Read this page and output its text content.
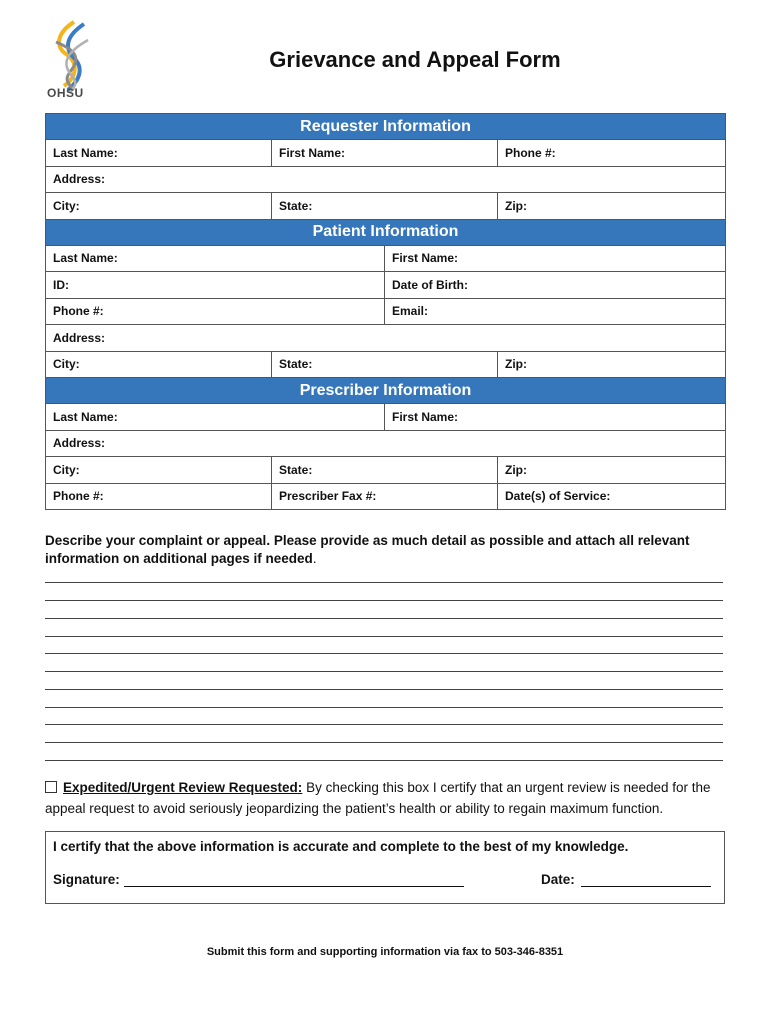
OHSU
Grievance and Appeal Form
Requester Information			
Last Name:	First Name:		Phone #:
Address:			
City:	State:		Zip:
Patient Information			
Last Name:		First Name:	
ID:		Date of Birth:	
Phone #:		Email:	
Address:			
City:	State:		Zip:
Prescriber Information			
Last Name:		First Name:	
Address:			
City:	State:		Zip:
Phone #:	Prescriber Fax #:		Date(s) of Service:
Describe your complaint or appeal. Please provide as much detail as possible and attach all relevant information on additional pages if needed.
Expedited/Urgent Review Requested: By checking this box I certify that an urgent review is needed for the appeal request to avoid seriously jeopardizing the patient’s health or ability to regain maximum function.
I certify that the above information is accurate and complete to the best of my knowledge.
Signature:	Date:
Submit this form and supporting information via fax to 503-346-8351
